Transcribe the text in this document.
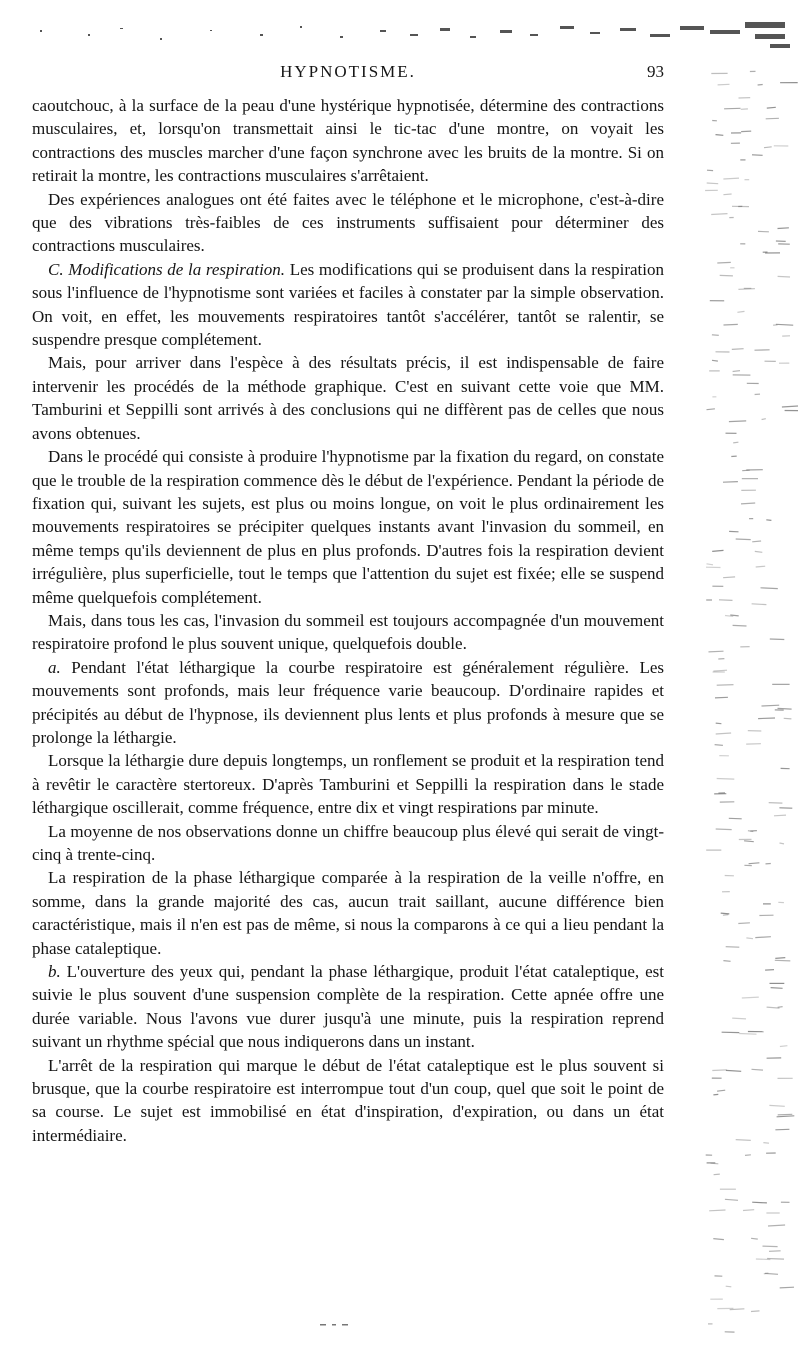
HYPNOTISME.	93

caoutchouc, à la surface de la peau d'une hystérique hypnotisée, détermine des contractions musculaires, et, lorsqu'on transmettait ainsi le tic-tac d'une montre, on voyait les contractions des muscles marcher d'une façon synchrone avec les bruits de la montre. Si on retirait la montre, les contractions musculaires s'arrêtaient.

Des expériences analogues ont été faites avec le téléphone et le microphone, c'est-à-dire que des vibrations très-faibles de ces instruments suffisaient pour déterminer des contractions musculaires.

C. Modifications de la respiration. Les modifications qui se produisent dans la respiration sous l'influence de l'hypnotisme sont variées et faciles à constater par la simple observation. On voit, en effet, les mouvements respiratoires tantôt s'accélérer, tantôt se ralentir, se suspendre presque complétement.

Mais, pour arriver dans l'espèce à des résultats précis, il est indispensable de faire intervenir les procédés de la méthode graphique. C'est en suivant cette voie que MM. Tamburini et Seppilli sont arrivés à des conclusions qui ne diffèrent pas de celles que nous avons obtenues.

Dans le procédé qui consiste à produire l'hypnotisme par la fixation du regard, on constate que le trouble de la respiration commence dès le début de l'expérience. Pendant la période de fixation qui, suivant les sujets, est plus ou moins longue, on voit le plus ordinairement les mouvements respiratoires se précipiter quelques instants avant l'invasion du sommeil, en même temps qu'ils deviennent de plus en plus profonds. D'autres fois la respiration devient irrégulière, plus superficielle, tout le temps que l'attention du sujet est fixée; elle se suspend même quelquefois complétement.

Mais, dans tous les cas, l'invasion du sommeil est toujours accompagnée d'un mouvement respiratoire profond le plus souvent unique, quelquefois double.

a. Pendant l'état léthargique la courbe respiratoire est généralement régulière. Les mouvements sont profonds, mais leur fréquence varie beaucoup. D'ordinaire rapides et précipités au début de l'hypnose, ils deviennent plus lents et plus profonds à mesure que se prolonge la léthargie.

Lorsque la léthargie dure depuis longtemps, un ronflement se produit et la respiration tend à revêtir le caractère stertoreux. D'après Tamburini et Seppilli la respiration dans le stade léthargique oscillerait, comme fréquence, entre dix et vingt respirations par minute.

La moyenne de nos observations donne un chiffre beaucoup plus élevé qui serait de vingt-cinq à trente-cinq.

La respiration de la phase léthargique comparée à la respiration de la veille n'offre, en somme, dans la grande majorité des cas, aucun trait saillant, aucune différence bien caractéristique, mais il n'en est pas de même, si nous la comparons à ce qui a lieu pendant la phase cataleptique.

b. L'ouverture des yeux qui, pendant la phase léthargique, produit l'état cataleptique, est suivie le plus souvent d'une suspension complète de la respiration. Cette apnée offre une durée variable. Nous l'avons vue durer jusqu'à une minute, puis la respiration reprend suivant un rhythme spécial que nous indiquerons dans un instant.

L'arrêt de la respiration qui marque le début de l'état cataleptique est le plus souvent si brusque, que la courbe respiratoire est interrompue tout d'un coup, quel que soit le point de sa course. Le sujet est immobilisé en état d'inspiration, d'expiration, ou dans un état intermédiaire.
